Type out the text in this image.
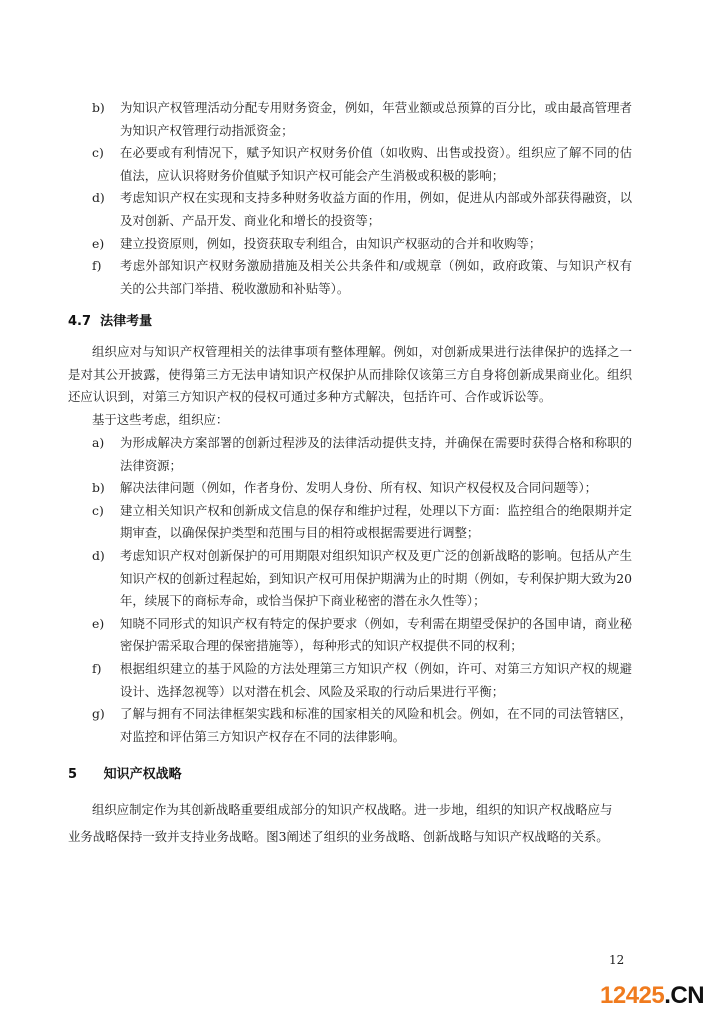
4.7 法律考量
基于这些考虑，组织应：
5 知识产权战略
12
12425.CN
b) 为知识产权管理活动分配专用财务资金，例如，年营业额或总预算的百分比，或由最高管理者
为知识产权管理行动指派资金；
c) 在必要或有利情况下，赋予知识产权财务价值（如收购、出售或投资）。组织应了解不同的估
值法，应认识将财务价值赋予知识产权可能会产生消极或积极的影响；
d) 考虑知识产权在实现和支持多种财务收益方面的作用，例如，促进从内部或外部获得融资，以
及对创新、产品开发、商业化和增长的投资等；
e) 建立投资原则，例如，投资获取专利组合，由知识产权驱动的合并和收购等；
f) 考虑外部知识产权财务激励措施及相关公共条件和/或规章（例如，政府政策、与知识产权有
关的公共部门举措、税收激励和补贴等）。
a) 为形成解决方案部署的创新过程涉及的法律活动提供支持，并确保在需要时获得合格和称职的
法律资源；
b) 解决法律问题（例如，作者身份、发明人身份、所有权、知识产权侵权及合同问题等）；
c) 建立相关知识产权和创新成文信息的保存和维护过程，处理以下方面：监控组合的绝限期并定
期审查，以确保保护类型和范围与目的相符或根据需要进行调整；
d) 考虑知识产权对创新保护的可用期限对组织知识产权及更广泛的创新战略的影响。包括从产生
知识产权的创新过程起始，到知识产权可用保护期满为止的时期（例如，专利保护期大致为20
年，续展下的商标寿命，或恰当保护下商业秘密的潜在永久性等）；
e) 知晓不同形式的知识产权有特定的保护要求（例如，专利需在期望受保护的各国申请，商业秘
密保护需采取合理的保密措施等），每种形式的知识产权提供不同的权利；
f) 根据组织建立的基于风险的方法处理第三方知识产权（例如，许可、对第三方知识产权的规避
设计、选择忽视等）以对潜在机会、风险及采取的行动后果进行平衡；
g) 了解与拥有不同法律框架实践和标准的国家相关的风险和机会。例如，在不同的司法管辖区，
对监控和评估第三方知识产权存在不同的法律影响。
组织应对与知识产权管理相关的法律事项有整体理解。例如，对创新成果进行法律保护的选择之一
是对其公开披露，使得第三方无法申请知识产权保护从而排除仅该第三方自身将创新成果商业化。组织
还应认识到，对第三方知识产权的侵权可通过多种方式解决，包括许可、合作或诉讼等。
组织应制定作为其创新战略重要组成部分的知识产权战略。进一步地，组织的知识产权战略应与
业务战略保持一致并支持业务战略。图3阐述了组织的业务战略、创新战略与知识产权战略的关系。
